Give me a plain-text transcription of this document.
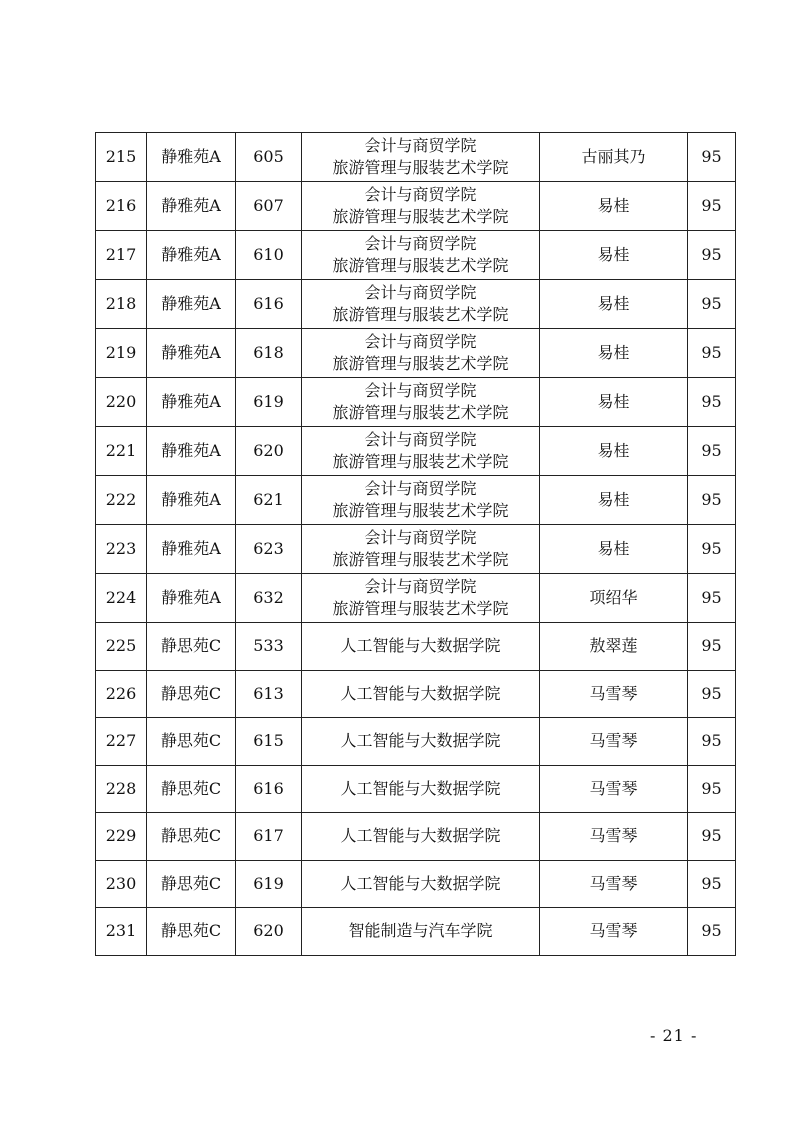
215	静雅苑A	605	会计与商贸学院
旅游管理与服装艺术学院	古丽其乃	95
216	静雅苑A	607	会计与商贸学院
旅游管理与服装艺术学院	易桂	95
217	静雅苑A	610	会计与商贸学院
旅游管理与服装艺术学院	易桂	95
218	静雅苑A	616	会计与商贸学院
旅游管理与服装艺术学院	易桂	95
219	静雅苑A	618	会计与商贸学院
旅游管理与服装艺术学院	易桂	95
220	静雅苑A	619	会计与商贸学院
旅游管理与服装艺术学院	易桂	95
221	静雅苑A	620	会计与商贸学院
旅游管理与服装艺术学院	易桂	95
222	静雅苑A	621	会计与商贸学院
旅游管理与服装艺术学院	易桂	95
223	静雅苑A	623	会计与商贸学院
旅游管理与服装艺术学院	易桂	95
224	静雅苑A	632	会计与商贸学院
旅游管理与服装艺术学院	项绍华	95
225	静思苑C	533	人工智能与大数据学院	敖翠莲	95
226	静思苑C	613	人工智能与大数据学院	马雪琴	95
227	静思苑C	615	人工智能与大数据学院	马雪琴	95
228	静思苑C	616	人工智能与大数据学院	马雪琴	95
229	静思苑C	617	人工智能与大数据学院	马雪琴	95
230	静思苑C	619	人工智能与大数据学院	马雪琴	95
231	静思苑C	620	智能制造与汽车学院	马雪琴	95
- 21 -
